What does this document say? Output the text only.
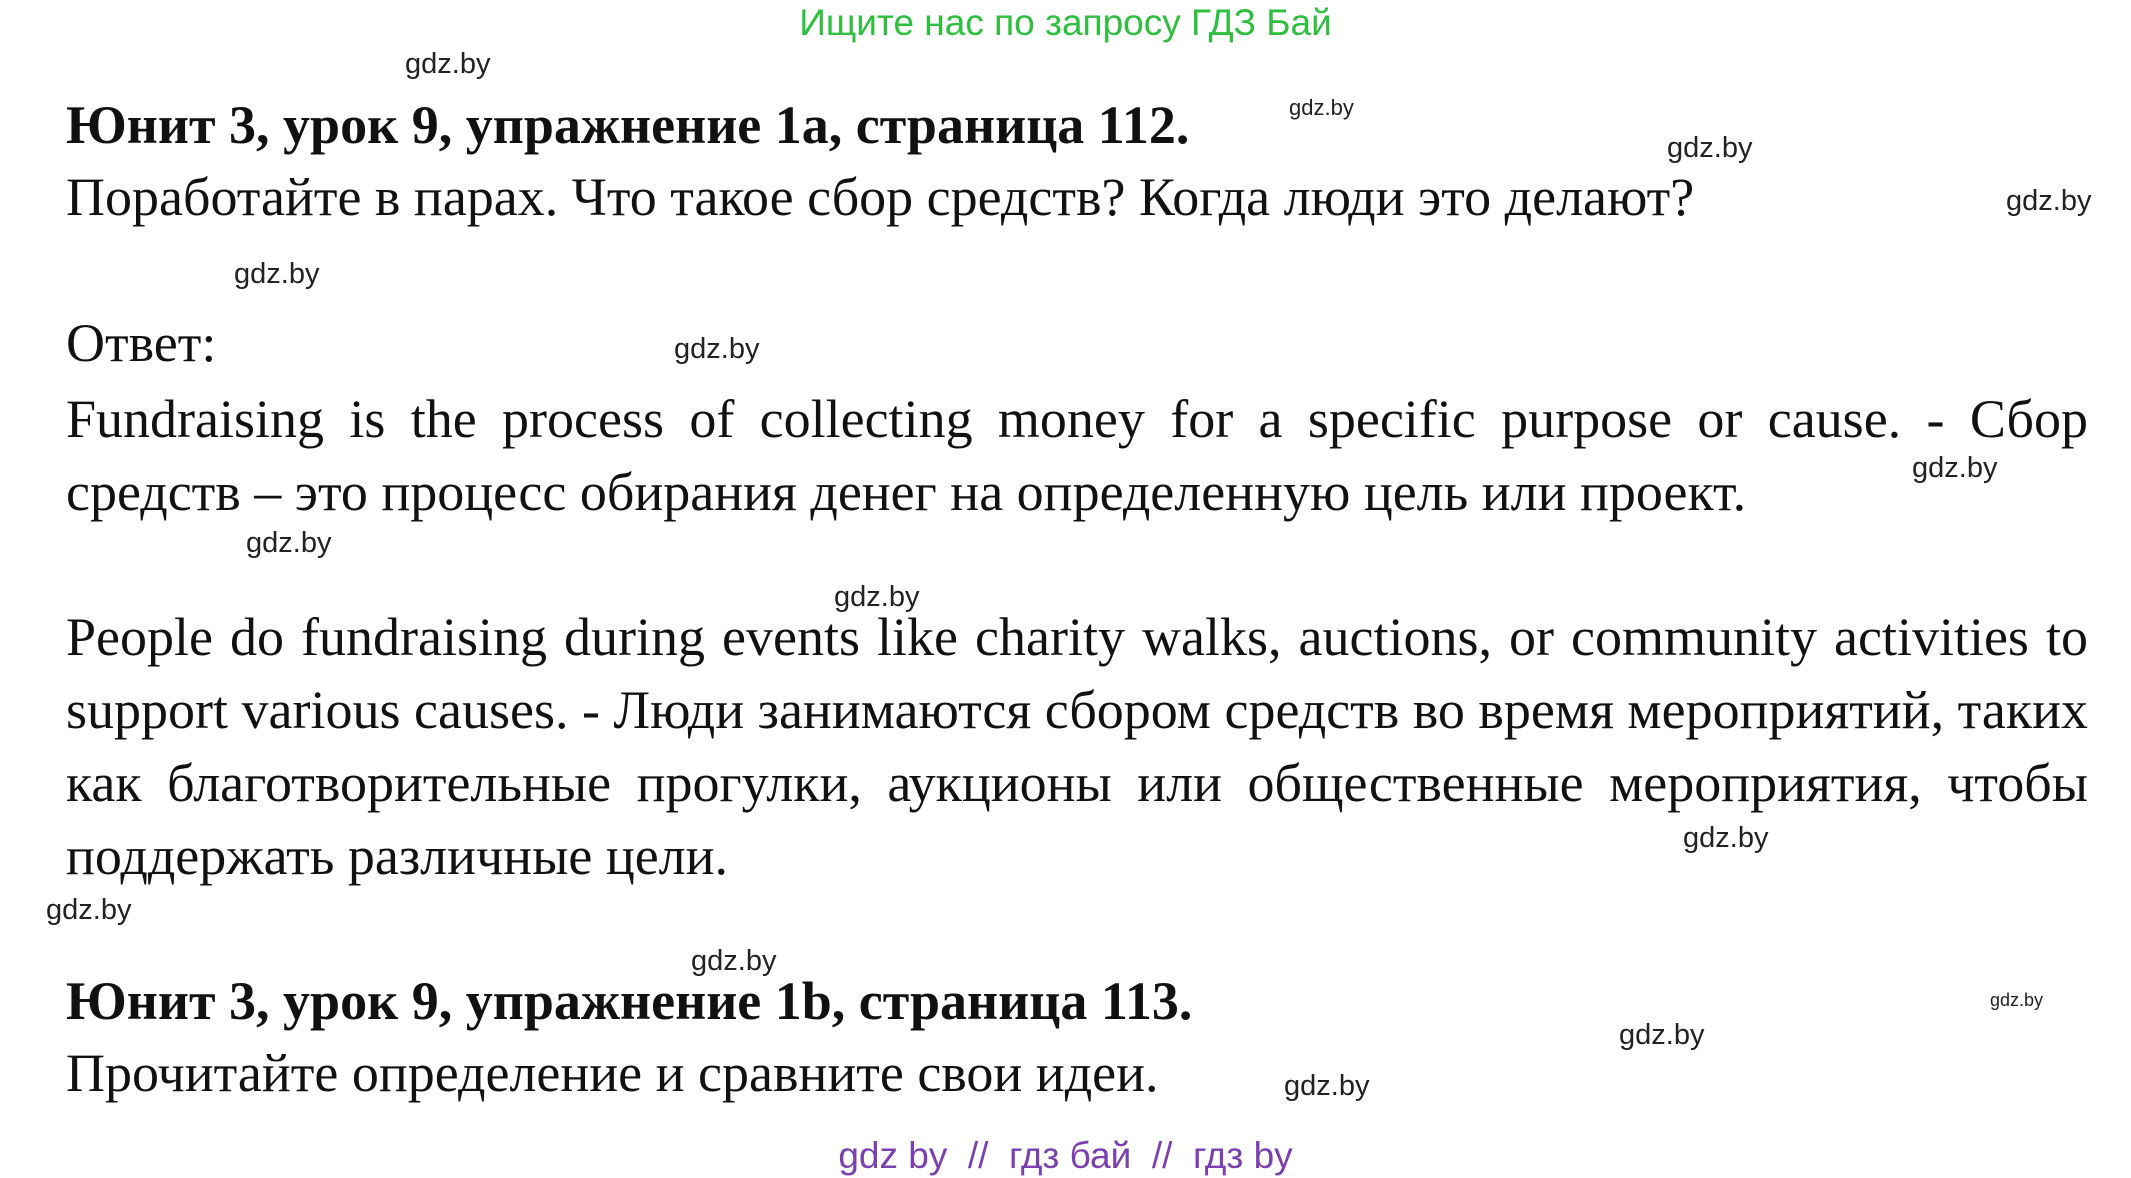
Ищите нас по запросу ГДЗ Бай
gdz.by
gdz.by
gdz.by
gdz.by
gdz.by
gdz.by
gdz.by
gdz.by
gdz.by
gdz.by
gdz.by
gdz.by
gdz.by
gdz.by
gdz.by
Юнит 3, урок 9, упражнение 1a, страница 112.
Поработайте в парах. Что такое сбор средств? Когда люди это делают?
Ответ:
Fundraising is the process of collecting money for a specific purpose or cause. - Сбор средств – это процесс обирания денег на определенную цель или проект.
People do fundraising during events like charity walks, auctions, or community activities to support various causes. - Люди занимаются сбором средств во время мероприятий, таких как благотворительные прогулки, аукционы или общественные мероприятия, чтобы поддержать различные цели.
Юнит 3, урок 9, упражнение 1b, страница 113.
Прочитайте определение и сравните свои идеи.
gdz by  //  гдз бай  //  гдз by
